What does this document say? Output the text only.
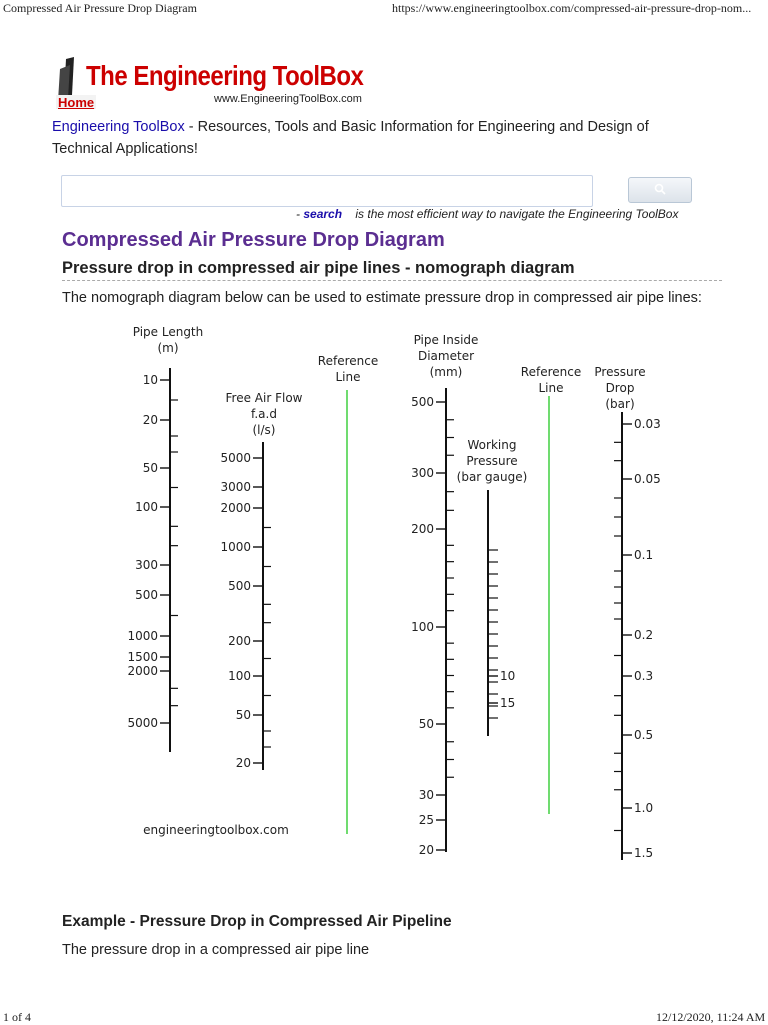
Compressed Air Pressure Drop Diagram	https://www.engineeringtoolbox.com/compressed-air-pressure-drop-nom...
The Engineering ToolBox
Home	www.EngineeringToolBox.com
Engineering ToolBox - Resources, Tools and Basic Information for Engineering and Design of Technical Applications!
- search is the most efficient way to navigate the Engineering ToolBox
Compressed Air Pressure Drop Diagram
Pressure drop in compressed air pipe lines - nomograph diagram

The nomograph diagram below can be used to estimate pressure drop in compressed air pipe lines:

Pipe Length
(m)
10
20
50
100
300
500
1000
1500
2000
5000
Free Air Flow
f.a.d
(l/s)
5000
3000
2000
1000
500
200
100
50
20
Reference
Line
Pipe Inside
Diameter
(mm)
500
300
200
100
50
30
25
20
Working
Pressure
(bar gauge)
10
15
Reference
Line
Pressure
Drop
(bar)
0.03
0.05
0.1
0.2
0.3
0.5
1.0
1.5
engineeringtoolbox.com
Example - Pressure Drop in Compressed Air Pipeline

The pressure drop in a compressed air pipe line

1 of 4	12/12/2020, 11:24 AM
